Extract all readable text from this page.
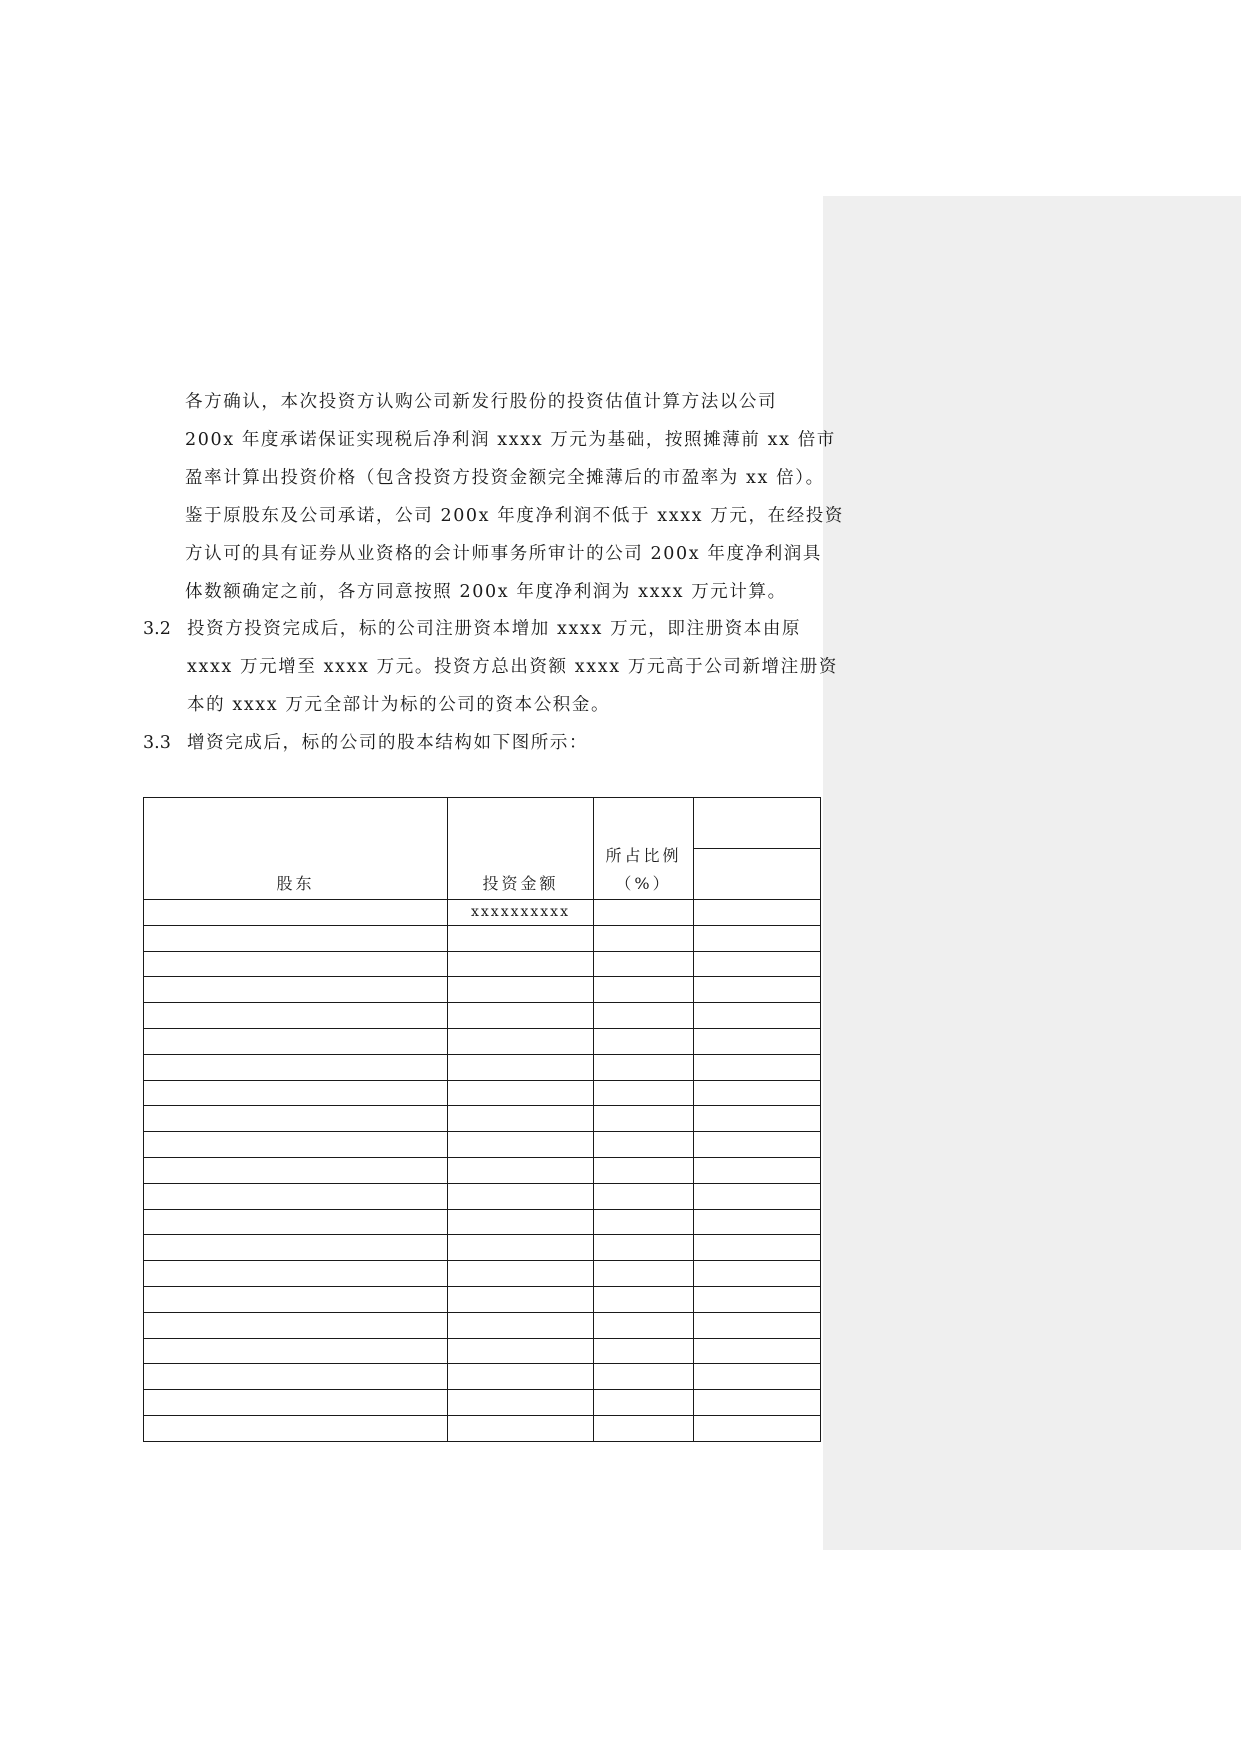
各方确认，本次投资方认购公司新发行股份的投资估值计算方法以公司
200x 年度承诺保证实现税后净利润 xxxx 万元为基础，按照摊薄前 xx 倍市
盈率计算出投资价格（包含投资方投资金额完全摊薄后的市盈率为 xx 倍）。
鉴于原股东及公司承诺，公司 200x 年度净利润不低于 xxxx 万元，在经投资
方认可的具有证券从业资格的会计师事务所审计的公司 200x 年度净利润具
体数额确定之前，各方同意按照 200x 年度净利润为 xxxx 万元计算。
3.2 投资方投资完成后，标的公司注册资本增加 xxxx 万元，即注册资本由原
xxxx 万元增至 xxxx 万元。投资方总出资额 xxxx 万元高于公司新增注册资
本的 xxxx 万元全部计为标的公司的资本公积金。
3.3 增资完成后，标的公司的股本结构如下图所示：
股东	投资金额	所占比例
（%）	

	xxxxxxxxxx		
